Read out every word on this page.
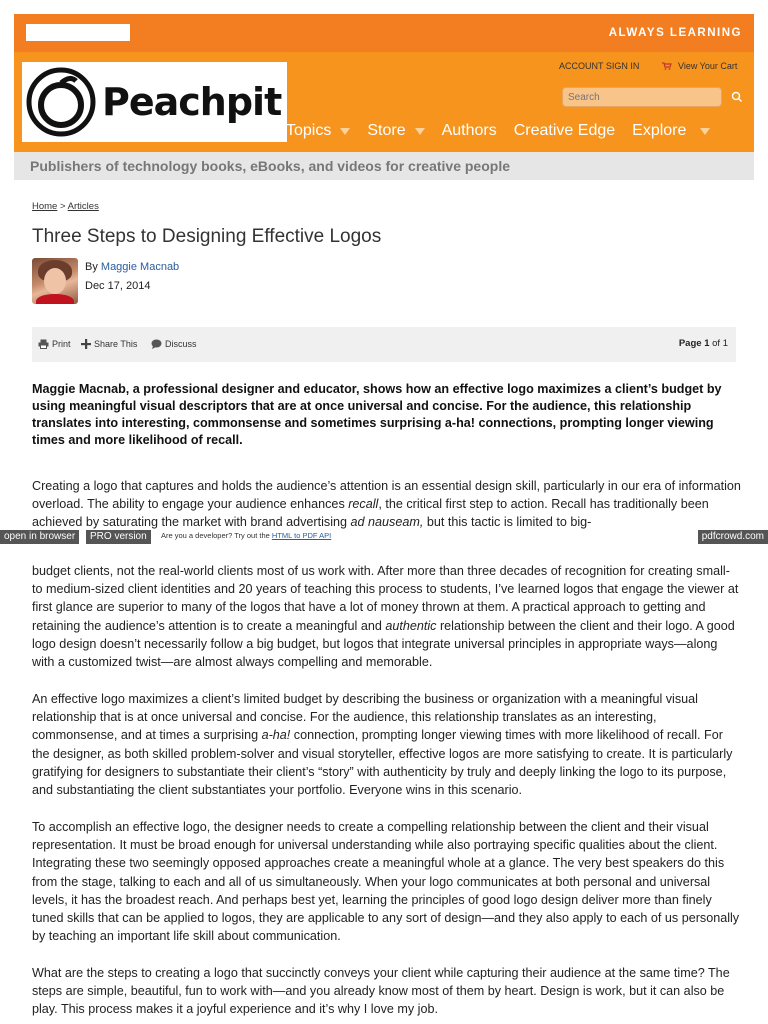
ALWAYS LEARNING
Peachpit
ACCOUNT SIGN IN	View Your Cart
Search
Topics Store Authors Creative Edge Explore
Publishers of technology books, eBooks, and videos for creative people
Home > Articles
Three Steps to Designing Effective Logos
By Maggie Macnab
Dec 17, 2014
Print	Share This	Discuss	Page 1 of 1
Maggie Macnab, a professional designer and educator, shows how an effective logo maximizes a client’s budget by using meaningful visual descriptors that are at once universal and concise. For the audience, this relationship translates into interesting, commonsense and sometimes surprising a-ha! connections, prompting longer viewing times and more likelihood of recall.
Creating a logo that captures and holds the audience’s attention is an essential design skill, particularly in our era of information overload. The ability to engage your audience enhances recall, the critical first step to action. Recall has traditionally been achieved by saturating the market with brand advertising ad nauseam, but this tactic is limited to big-
open in browser	PRO version	Are you a developer? Try out the HTML to PDF API	pdfcrowd.com
budget clients, not the real-world clients most of us work with. After more than three decades of recognition for creating small- to medium-sized client identities and 20 years of teaching this process to students, I’ve learned logos that engage the viewer at first glance are superior to many of the logos that have a lot of money thrown at them. A practical approach to getting and retaining the audience’s attention is to create a meaningful and authentic relationship between the client and their logo. A good logo design doesn’t necessarily follow a big budget, but logos that integrate universal principles in appropriate ways—along with a customized twist—are almost always compelling and memorable.
An effective logo maximizes a client’s limited budget by describing the business or organization with a meaningful visual relationship that is at once universal and concise. For the audience, this relationship translates as an interesting, commonsense, and at times a surprising a-ha! connection, prompting longer viewing times with more likelihood of recall. For the designer, as both skilled problem-solver and visual storyteller, effective logos are more satisfying to create. It is particularly gratifying for designers to substantiate their client’s “story” with authenticity by truly and deeply linking the logo to its purpose, and substantiating the client substantiates your portfolio. Everyone wins in this scenario.
To accomplish an effective logo, the designer needs to create a compelling relationship between the client and their visual representation. It must be broad enough for universal understanding while also portraying specific qualities about the client. Integrating these two seemingly opposed approaches create a meaningful whole at a glance. The very best speakers do this from the stage, talking to each and all of us simultaneously. When your logo communicates at both personal and universal levels, it has the broadest reach. And perhaps best yet, learning the principles of good logo design deliver more than finely tuned skills that can be applied to logos, they are applicable to any sort of design—and they also apply to each of us personally by teaching an important life skill about communication.
What are the steps to creating a logo that succinctly conveys your client while capturing their audience at the same time? The steps are simple, beautiful, fun to work with—and you already know most of them by heart. Design is work, but it can also be play. This process makes it a joyful experience and it’s why I love my job.
